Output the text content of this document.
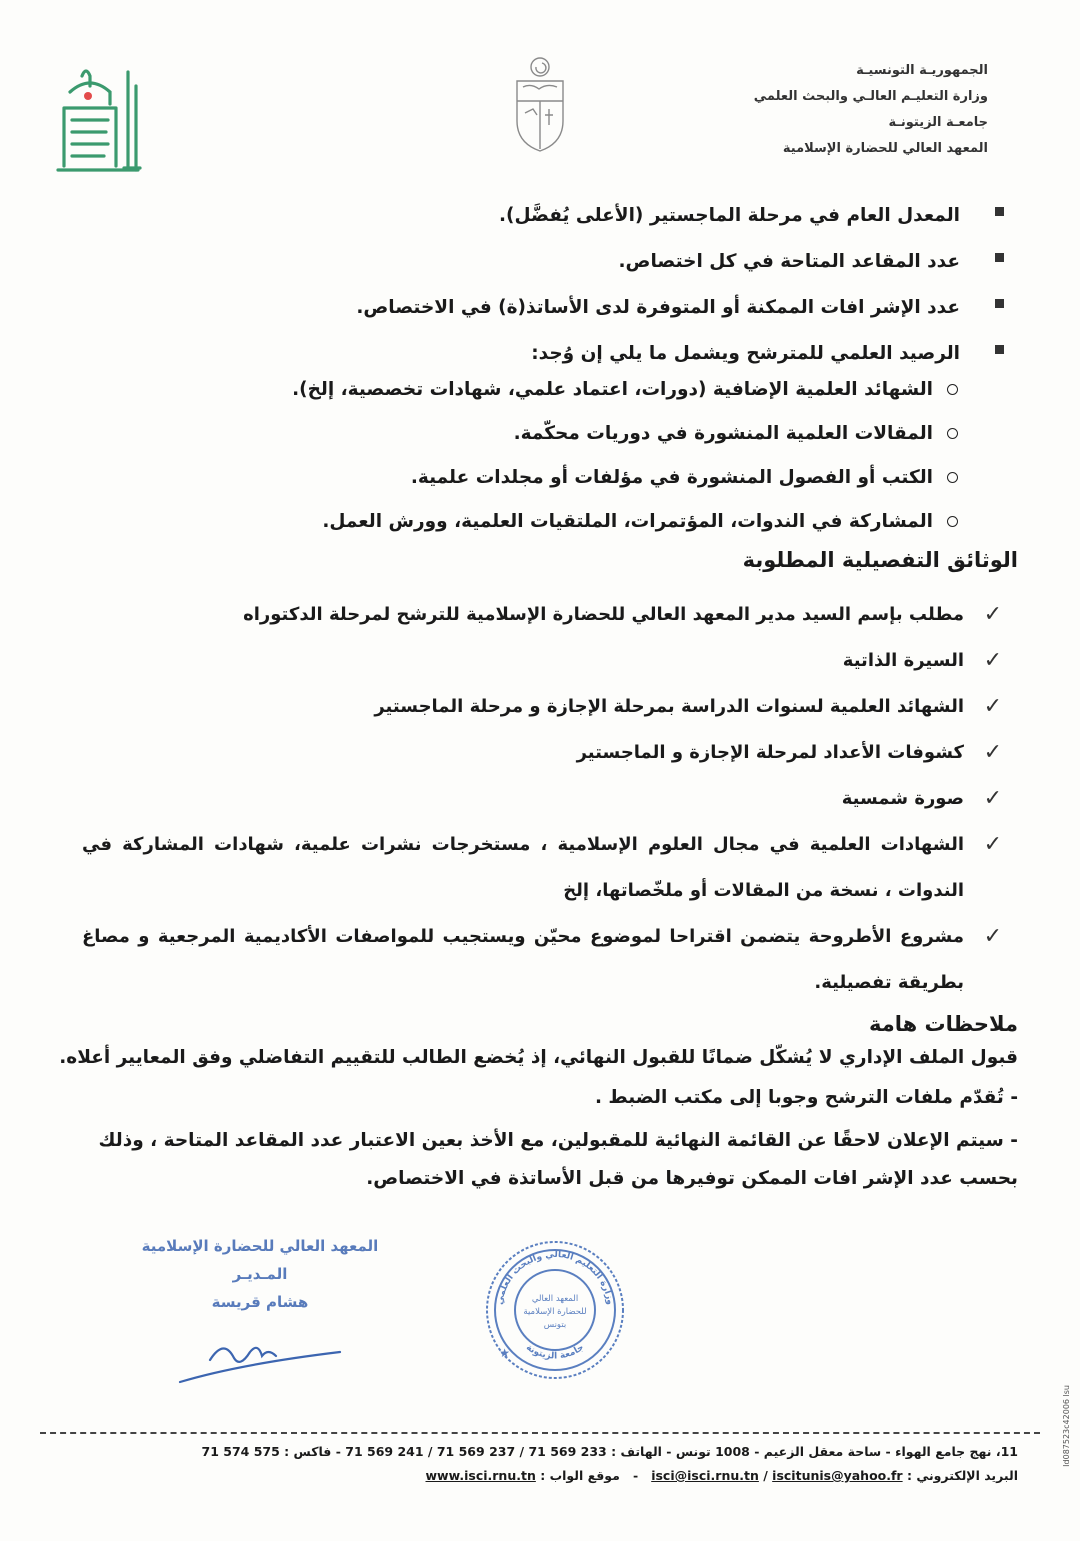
الجمهوريـة التونسيـة
وزارة التعليـم العالـي والبحث العلمي
جامعـة الزيتونـة
المعهد العالي للحضارة الإسلامية
المعدل العام في مرحلة الماجستير (الأعلى يُفضَّل).
عدد المقاعد المتاحة في كل اختصاص.
عدد الإشر افات الممكنة أو المتوفرة لدى الأساتذ(ة) في الاختصاص.
الرصيد العلمي للمترشح ويشمل ما يلي إن وُجد:
الشهائد العلمية الإضافية (دورات، اعتماد علمي، شهادات تخصصية، إلخ).
المقالات العلمية المنشورة في دوريات محكّمة.
الكتب أو الفصول المنشورة في مؤلفات أو مجلدات علمية.
المشاركة في الندوات، المؤتمرات، الملتقيات العلمية، وورش العمل.
الوثائق التفصيلية المطلوبة
✓
مطلب بإسم السيد مدير المعهد العالي للحضارة الإسلامية للترشح لمرحلة الدكتوراه
✓
السيرة الذاتية
✓
الشهائد العلمية لسنوات الدراسة بمرحلة الإجازة و مرحلة الماجستير
✓
كشوفات الأعداد لمرحلة الإجازة و الماجستير
✓
صورة شمسية
✓
الشهادات العلمية في مجال العلوم الإسلامية ، مستخرجات نشرات علمية، شهادات المشاركة في الندوات ، نسخة من المقالات أو ملخّصاتها، إلخ
✓
مشروع الأطروحة يتضمن اقتراحا لموضوع محيّن ويستجيب للمواصفات الأكاديمية المرجعية و مصاغ بطريقة تفصيلية.
ملاحظات هامة
قبول الملف الإداري لا يُشكّل ضمانًا للقبول النهائي، إذ يُخضع الطالب للتقييم التفاضلي وفق المعايير أعلاه.
- تُقدّم ملفات الترشح وجوبا إلى مكتب الضبط .
- سيتم الإعلان لاحقًا عن القائمة النهائية للمقبولين، مع الأخذ بعين الاعتبار عدد المقاعد المتاحة ، وذلك بحسب عدد الإشر افات الممكن توفيرها من قبل الأساتذة في الاختصاص.
المعهد العالي للحضارة الإسلامية
المـديـر
هشام قريسة	وزارة التعليم العالي والبحث العلمي
جامعة الزيتونة
المعهد العالي
للحضارة الإسلامية
بتونس
★
11، نهج جامع الهواء - ساحة معقل الزعيم - 1008 تونس - الهاتف : 233 569 71 / 237 569 71 / 241 569 71 - فاكس : 575 574 71
البريد الإلكتروني : isci@isci.rnu.tn / iscitunis@yahoo.fr   -   موقع الواب : www.isci.rnu.tn
Id087523c42006 lsu
